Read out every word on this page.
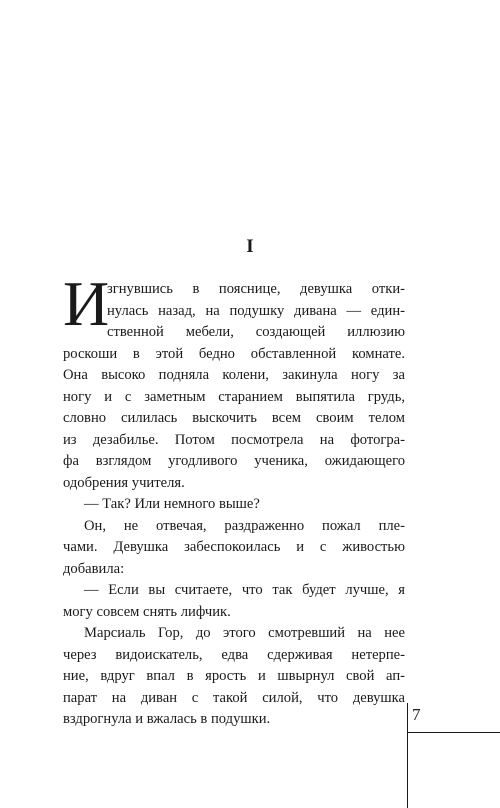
I
И
згнувшись в пояснице, девушка отки-
нулась назад, на подушку дивана — един-
ственной мебели, создающей иллюзию
роскоши в этой бедно обставленной комнате.
Она высоко подняла колени, закинула ногу за
ногу и с заметным старанием выпятила грудь,
словно силилась выскочить всем своим телом
из дезабилье. Потом посмотрела на фотогра-
фа взглядом угодливого ученика, ожидающего
одобрения учителя.
— Так? Или немного выше?
Он, не отвечая, раздраженно пожал пле-
чами. Девушка забеспокоилась и с живостью
добавила:
— Если вы считаете, что так будет лучше, я
могу совсем снять лифчик.
Марсиаль Гор, до этого смотревший на нее
через видоискатель, едва сдерживая нетерпе-
ние, вдруг впал в ярость и швырнул свой ап-
парат на диван с такой силой, что девушка
вздрогнула и вжалась в подушки.	7
